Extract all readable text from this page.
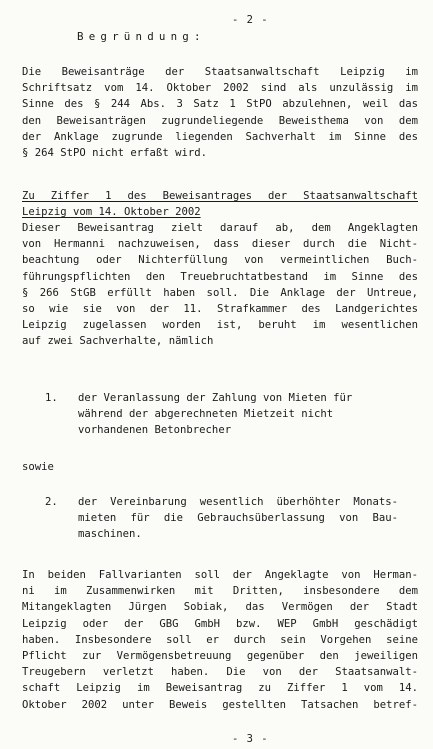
- 2 -
Begründung:
Die Beweisanträge der Staatsanwaltschaft Leipzig im
Schriftsatz vom 14. Oktober 2002 sind als unzulässig im
Sinne des § 244 Abs. 3 Satz 1 StPO abzulehnen, weil das
den Beweisanträgen zugrundeliegende Beweisthema von dem
der Anklage zugrunde liegenden Sachverhalt im Sinne des
§ 264 StPO nicht erfaßt wird.
Zu Ziffer 1 des Beweisantrages der Staatsanwaltschaft
Leipzig vom 14. Oktober 2002
Dieser Beweisantrag zielt darauf ab, dem Angeklagten
von Hermanni nachzuweisen, dass dieser durch die Nicht-
beachtung oder Nichterfüllung von vermeintlichen Buch-
führungspflichten den Treuebruchtatbestand im Sinne des
§ 266 StGB erfüllt haben soll. Die Anklage der Untreue,
so wie sie von der 11. Strafkammer des Landgerichtes
Leipzig zugelassen worden ist, beruht im wesentlichen
auf zwei Sachverhalte, nämlich
1. der Veranlassung der Zahlung von Mieten für
während der abgerechneten Mietzeit nicht
vorhandenen Betonbrecher
sowie
2. der Vereinbarung wesentlich überhöhter Monats-
mieten für die Gebrauchsüberlassung von Bau-
maschinen.
In beiden Fallvarianten soll der Angeklagte von Herman-
ni im Zusammenwirken mit Dritten, insbesondere dem
Mitangeklagten Jürgen Sobiak, das Vermögen der Stadt
Leipzig oder der GBG GmbH bzw. WEP GmbH geschädigt
haben. Insbesondere soll er durch sein Vorgehen seine
Pflicht zur Vermögensbetreuung gegenüber den jeweiligen
Treugebern verletzt haben. Die von der Staatsanwalt-
schaft Leipzig im Beweisantrag zu Ziffer 1 vom 14.
Oktober 2002 unter Beweis gestellten Tatsachen betref-
- 3 -
